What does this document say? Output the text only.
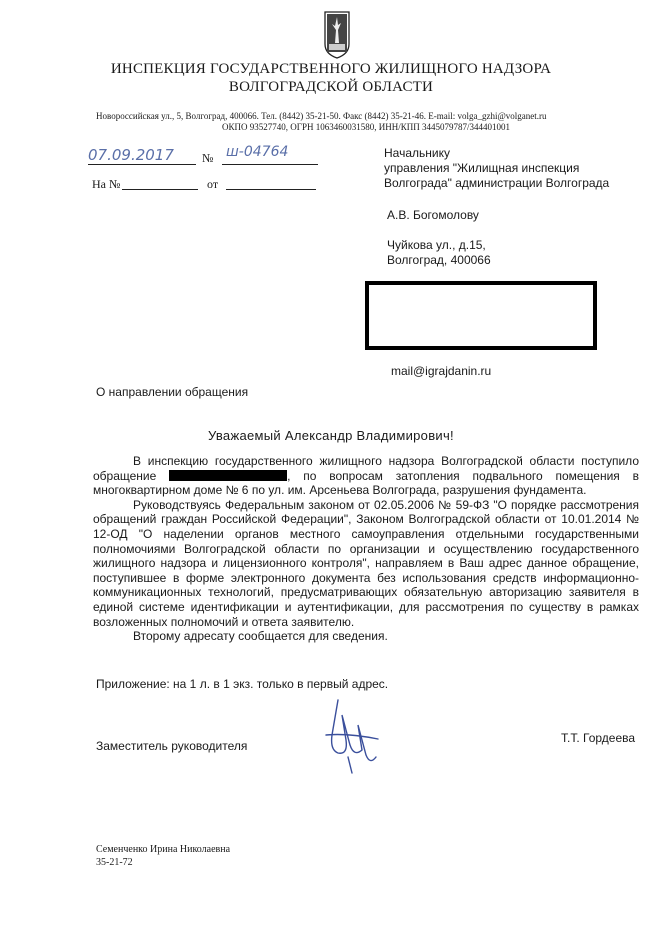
ИНСПЕКЦИЯ ГОСУДАРСТВЕННОГО ЖИЛИЩНОГО НАДЗОРА
ВОЛГОГРАДСКОЙ ОБЛАСТИ
Новороссийская ул., 5, Волгоград, 400066. Тел. (8442) 35-21-50. Факс (8442) 35-21-46. E-mail: volga_gzhi@volganet.ru
ОКПО 93527740, ОГРН 1063460031580, ИНН/КПП 3445079787/344401001
07.09.2017 № ш-04764
На №	от
Начальнику
управления "Жилищная инспекция
Волгограда" администрации Волгограда
А.В. Богомолову
Чуйкова ул., д.15,
Волгоград, 400066
mail@igrajdanin.ru
О направлении обращения
Уважаемый Александр Владимирович!

В инспекцию государственного жилищного надзора Волгоградской области поступило обращение	, по вопросам затопления подвального помещения в многоквартирном доме № 6 по ул. им. Арсеньева Волгограда, разрушения фундамента.

Руководствуясь Федеральным законом от 02.05.2006 № 59-ФЗ "О порядке рассмотрения обращений граждан Российской Федерации", Законом Волгоградской области от 10.01.2014 № 12-ОД "О наделении органов местного самоуправления отдельными государственными полномочиями Волгоградской области по организации и осуществлению государственного жилищного надзора и лицензионного контроля", направляем в Ваш адрес данное обращение, поступившее в форме электронного документа без использования средств информационно-коммуникационных технологий, предусматривающих обязательную авторизацию заявителя в единой системе идентификации и аутентификации, для рассмотрения по существу в рамках возложенных полномочий и ответа заявителю.

Второму адресату сообщается для сведения.

Приложение: на 1 л. в 1 экз. только в первый адрес.
Заместитель руководителя
Т.Т. Гордеева
Семенченко Ирина Николаевна
35-21-72
